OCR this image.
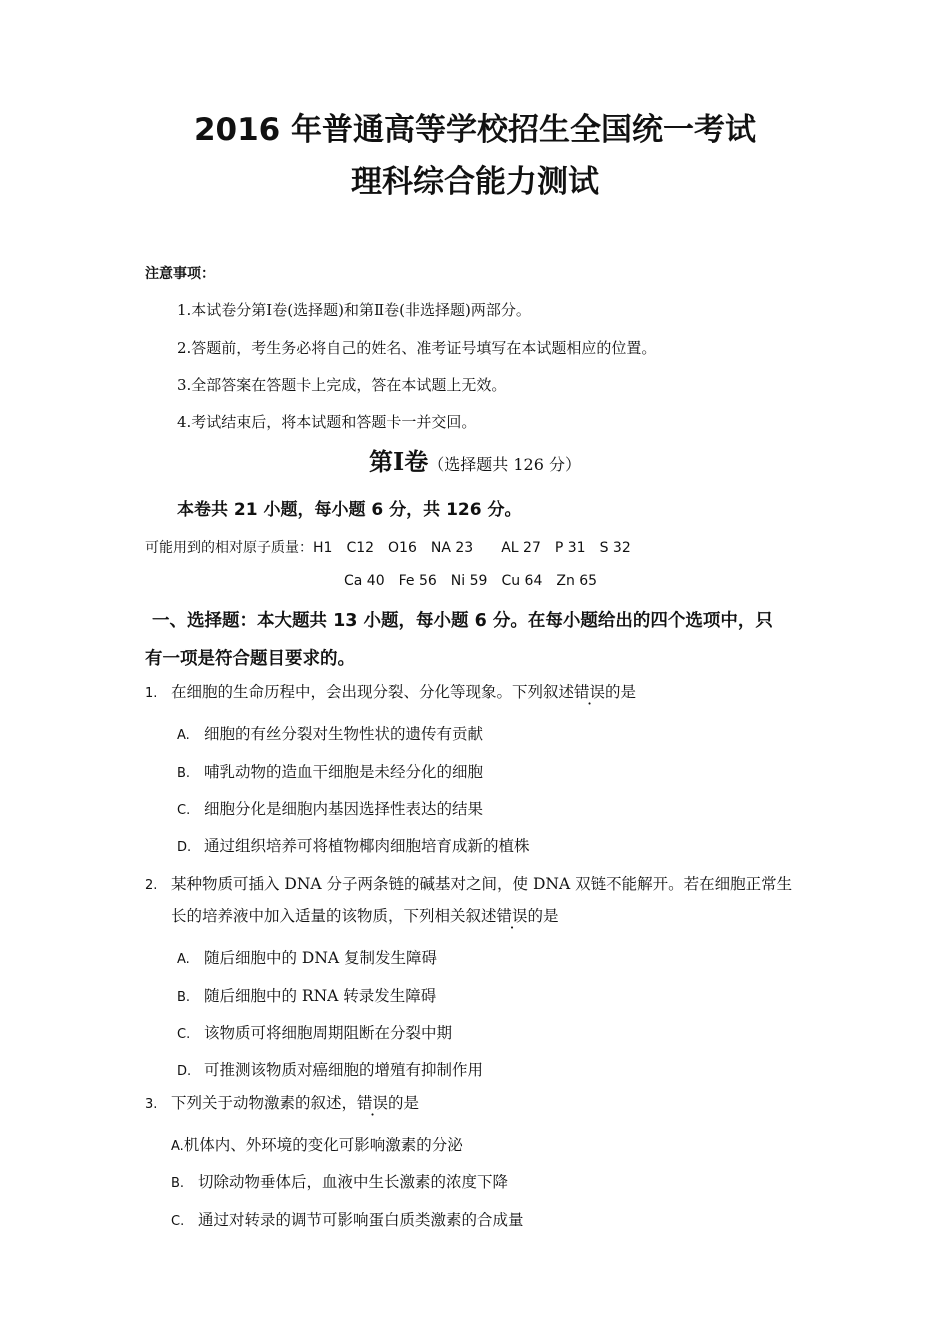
2016 年普通高等学校招生全国统一考试
理科综合能力测试
注意事项：
1.本试卷分第Ⅰ卷(选择题)和第Ⅱ卷(非选择题)两部分。
2.答题前，考生务必将自己的姓名、准考证号填写在本试题相应的位置。
3.全部答案在答题卡上完成，答在本试题上无效。
4.考试结束后，将本试题和答题卡一并交回。
第Ⅰ卷（选择题共 126 分）
本卷共 21 小题，每小题 6 分，共 126 分。
可能用到的相对原子质量：H1 C12 O16 NA 23 AL 27 P 31 S 32
Ca 40 Fe 56 Ni 59 Cu 64 Zn 65
一、选择题：本大题共 13 小题，每小题 6 分。在每小题给出的四个选项中，只
有一项是符合题目要求的。
1. 在细胞的生命历程中，会出现分裂、分化等现象。下列叙述错误的是
A. 细胞的有丝分裂对生物性状的遗传有贡献
B. 哺乳动物的造血干细胞是未经分化的细胞
C. 细胞分化是细胞内基因选择性表达的结果
D. 通过组织培养可将植物椰肉细胞培育成新的植株
2. 某种物质可插入 DNA 分子两条链的碱基对之间，使 DNA 双链不能解开。若在细胞正常生
长的培养液中加入适量的该物质，下列相关叙述错误的是
A. 随后细胞中的 DNA 复制发生障碍
B. 随后细胞中的 RNA 转录发生障碍
C. 该物质可将细胞周期阻断在分裂中期
D. 可推测该物质对癌细胞的增殖有抑制作用
3. 下列关于动物激素的叙述，错误的是
A.机体内、外环境的变化可影响激素的分泌
B. 切除动物垂体后，血液中生长激素的浓度下降
C. 通过对转录的调节可影响蛋白质类激素的合成量
